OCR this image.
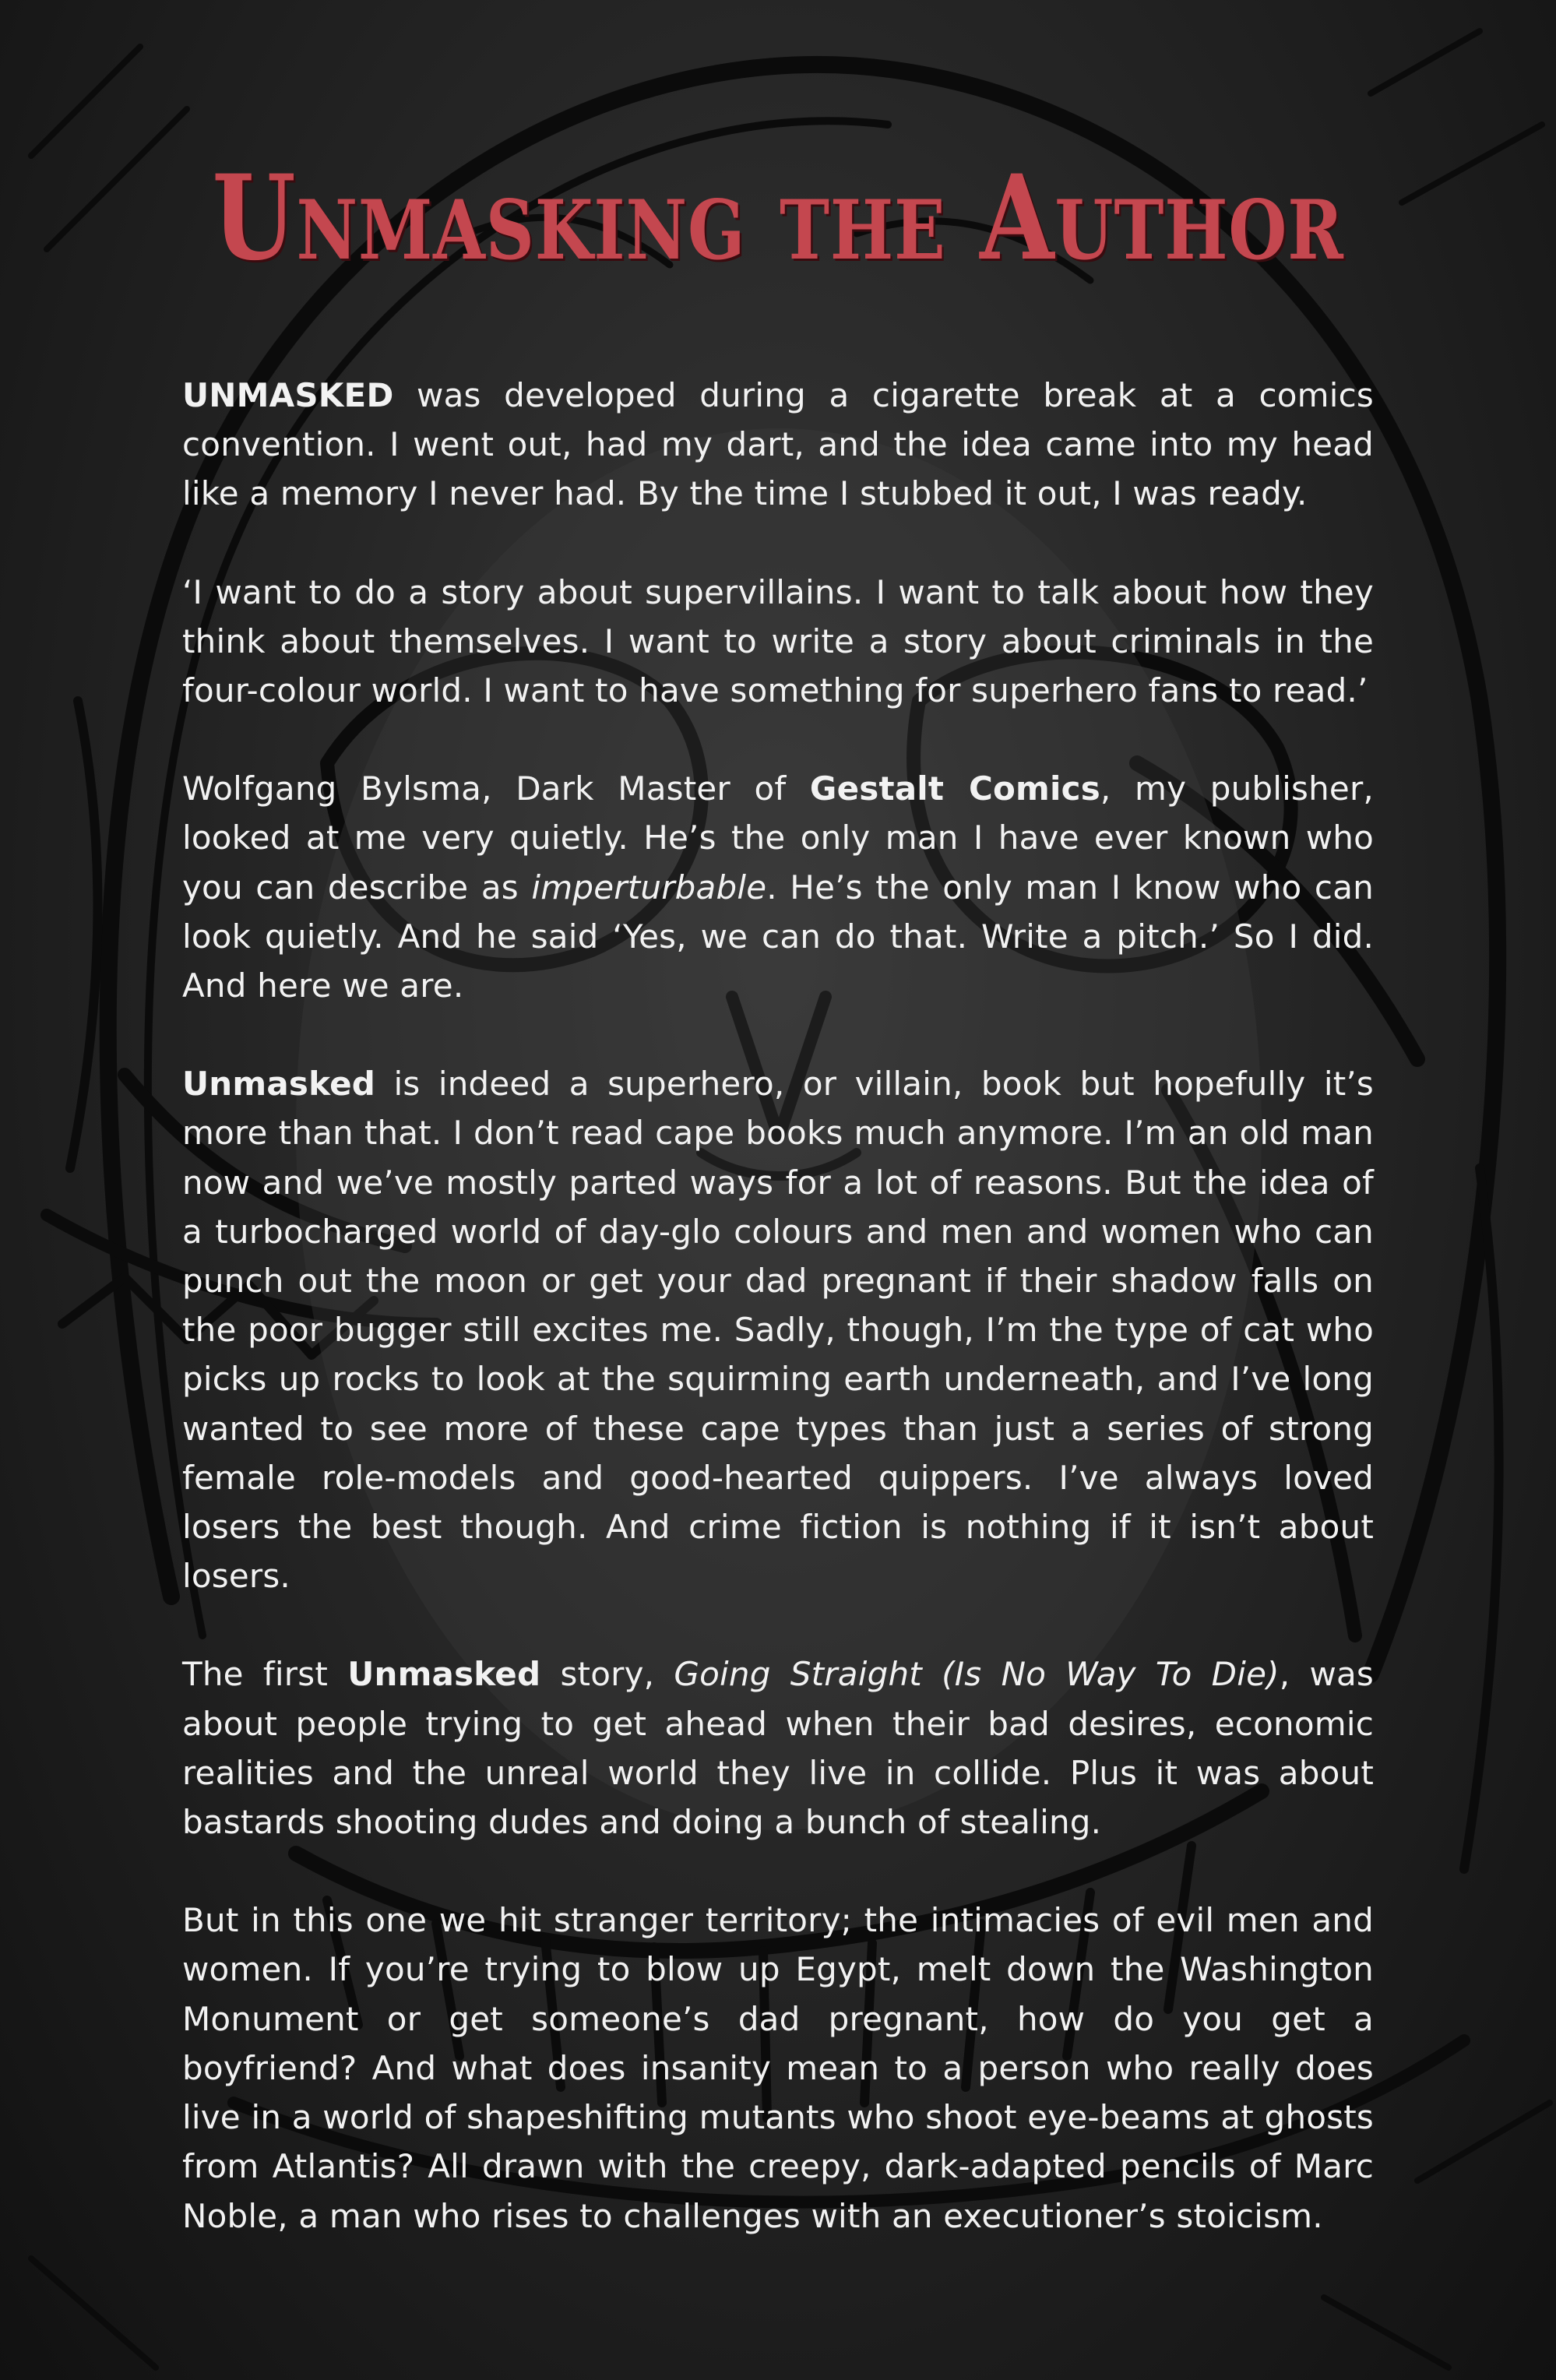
Unmasking the Author

UNMASKED was developed during a cigarette break at a comics convention. I went out, had my dart, and the idea came into my head like a memory I never had. By the time I stubbed it out, I was ready.

‘I want to do a story about supervillains. I want to talk about how they think about themselves. I want to write a story about criminals in the four-colour world. I want to have something for superhero fans to read.’

Wolfgang Bylsma, Dark Master of Gestalt Comics, my publisher, looked at me very quietly. He’s the only man I have ever known who you can describe as imperturbable. He’s the only man I know who can look quietly. And he said ‘Yes, we can do that. Write a pitch.’ So I did. And here we are.

Unmasked is indeed a superhero, or villain, book but hopefully it’s more than that. I don’t read cape books much anymore. I’m an old man now and we’ve mostly parted ways for a lot of reasons. But the idea of a turbocharged world of day-glo colours and men and women who can punch out the moon or get your dad pregnant if their shadow falls on the poor bugger still excites me. Sadly, though, I’m the type of cat who picks up rocks to look at the squirming earth underneath, and I’ve long wanted to see more of these cape types than just a series of strong female role-models and good-hearted quippers. I’ve always loved losers the best though. And crime fiction is nothing if it isn’t about losers.

The first Unmasked story, Going Straight (Is No Way To Die), was about people trying to get ahead when their bad desires, economic realities and the unreal world they live in collide. Plus it was about bastards shooting dudes and doing a bunch of stealing.

But in this one we hit stranger territory; the intimacies of evil men and women. If you’re trying to blow up Egypt, melt down the Washington Monument or get someone’s dad pregnant, how do you get a boyfriend? And what does insanity mean to a person who really does live in a world of shapeshifting mutants who shoot eye-beams at ghosts from Atlantis? All drawn with the creepy, dark-adapted pencils of Marc Noble, a man who rises to challenges with an executioner’s stoicism.
